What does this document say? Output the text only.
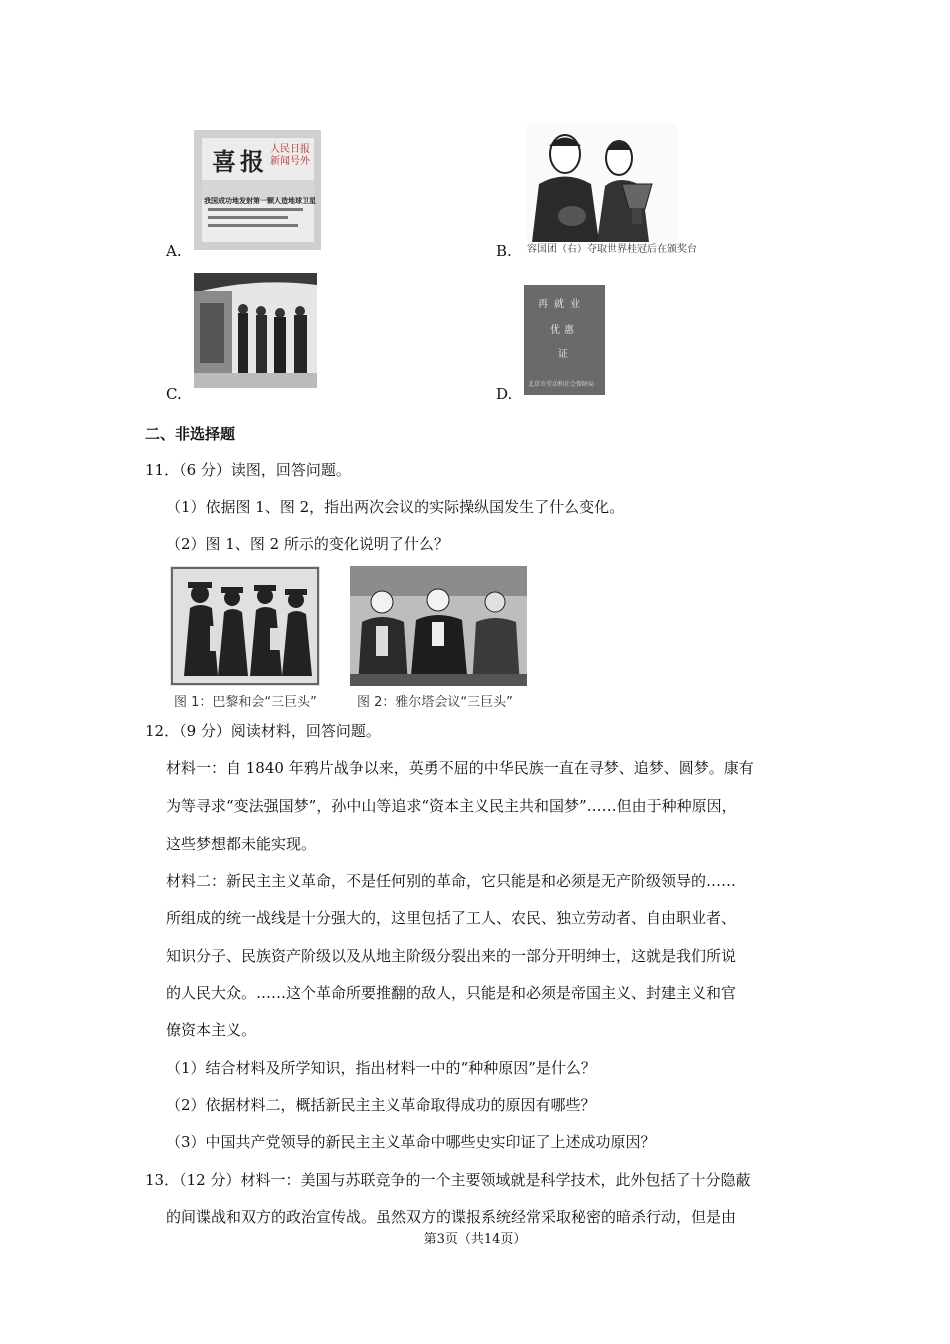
喜报 人民日报 新闻号外
我国成功地发射第一颗人造地球卫星
A.	容国团（右）夺取世界桂冠后在颁奖台
B.
C.
再就业
优惠
证
北京市劳动和社会保障局
D.
二、非选择题
11．（6 分）读图，回答问题。
（1）依据图 1、图 2，指出两次会议的实际操纵国发生了什么变化。
（2）图 1、图 2 所示的变化说明了什么？
图 1：巴黎和会“三巨头”	图 2：雅尔塔会议“三巨头”
12．（9 分）阅读材料，回答问题。
材料一：自 1840 年鸦片战争以来，英勇不屈的中华民族一直在寻梦、追梦、圆梦。康有
为等寻求“变法强国梦”，孙中山等追求“资本主义民主共和国梦”……但由于种种原因，
这些梦想都未能实现。
材料二：新民主主义革命，不是任何别的革命，它只能是和必须是无产阶级领导的……
所组成的统一战线是十分强大的，这里包括了工人、农民、独立劳动者、自由职业者、
知识分子、民族资产阶级以及从地主阶级分裂出来的一部分开明绅士，这就是我们所说
的人民大众。……这个革命所要推翻的敌人，只能是和必须是帝国主义、封建主义和官
僚资本主义。
（1）结合材料及所学知识，指出材料一中的“种种原因”是什么？
（2）依据材料二，概括新民主主义革命取得成功的原因有哪些？
（3）中国共产党领导的新民主主义革命中哪些史实印证了上述成功原因？
13．（12 分）材料一：美国与苏联竞争的一个主要领域就是科学技术，此外包括了十分隐蔽
的间谍战和双方的政治宣传战。虽然双方的谍报系统经常采取秘密的暗杀行动，但是由
第3页（共14页）
